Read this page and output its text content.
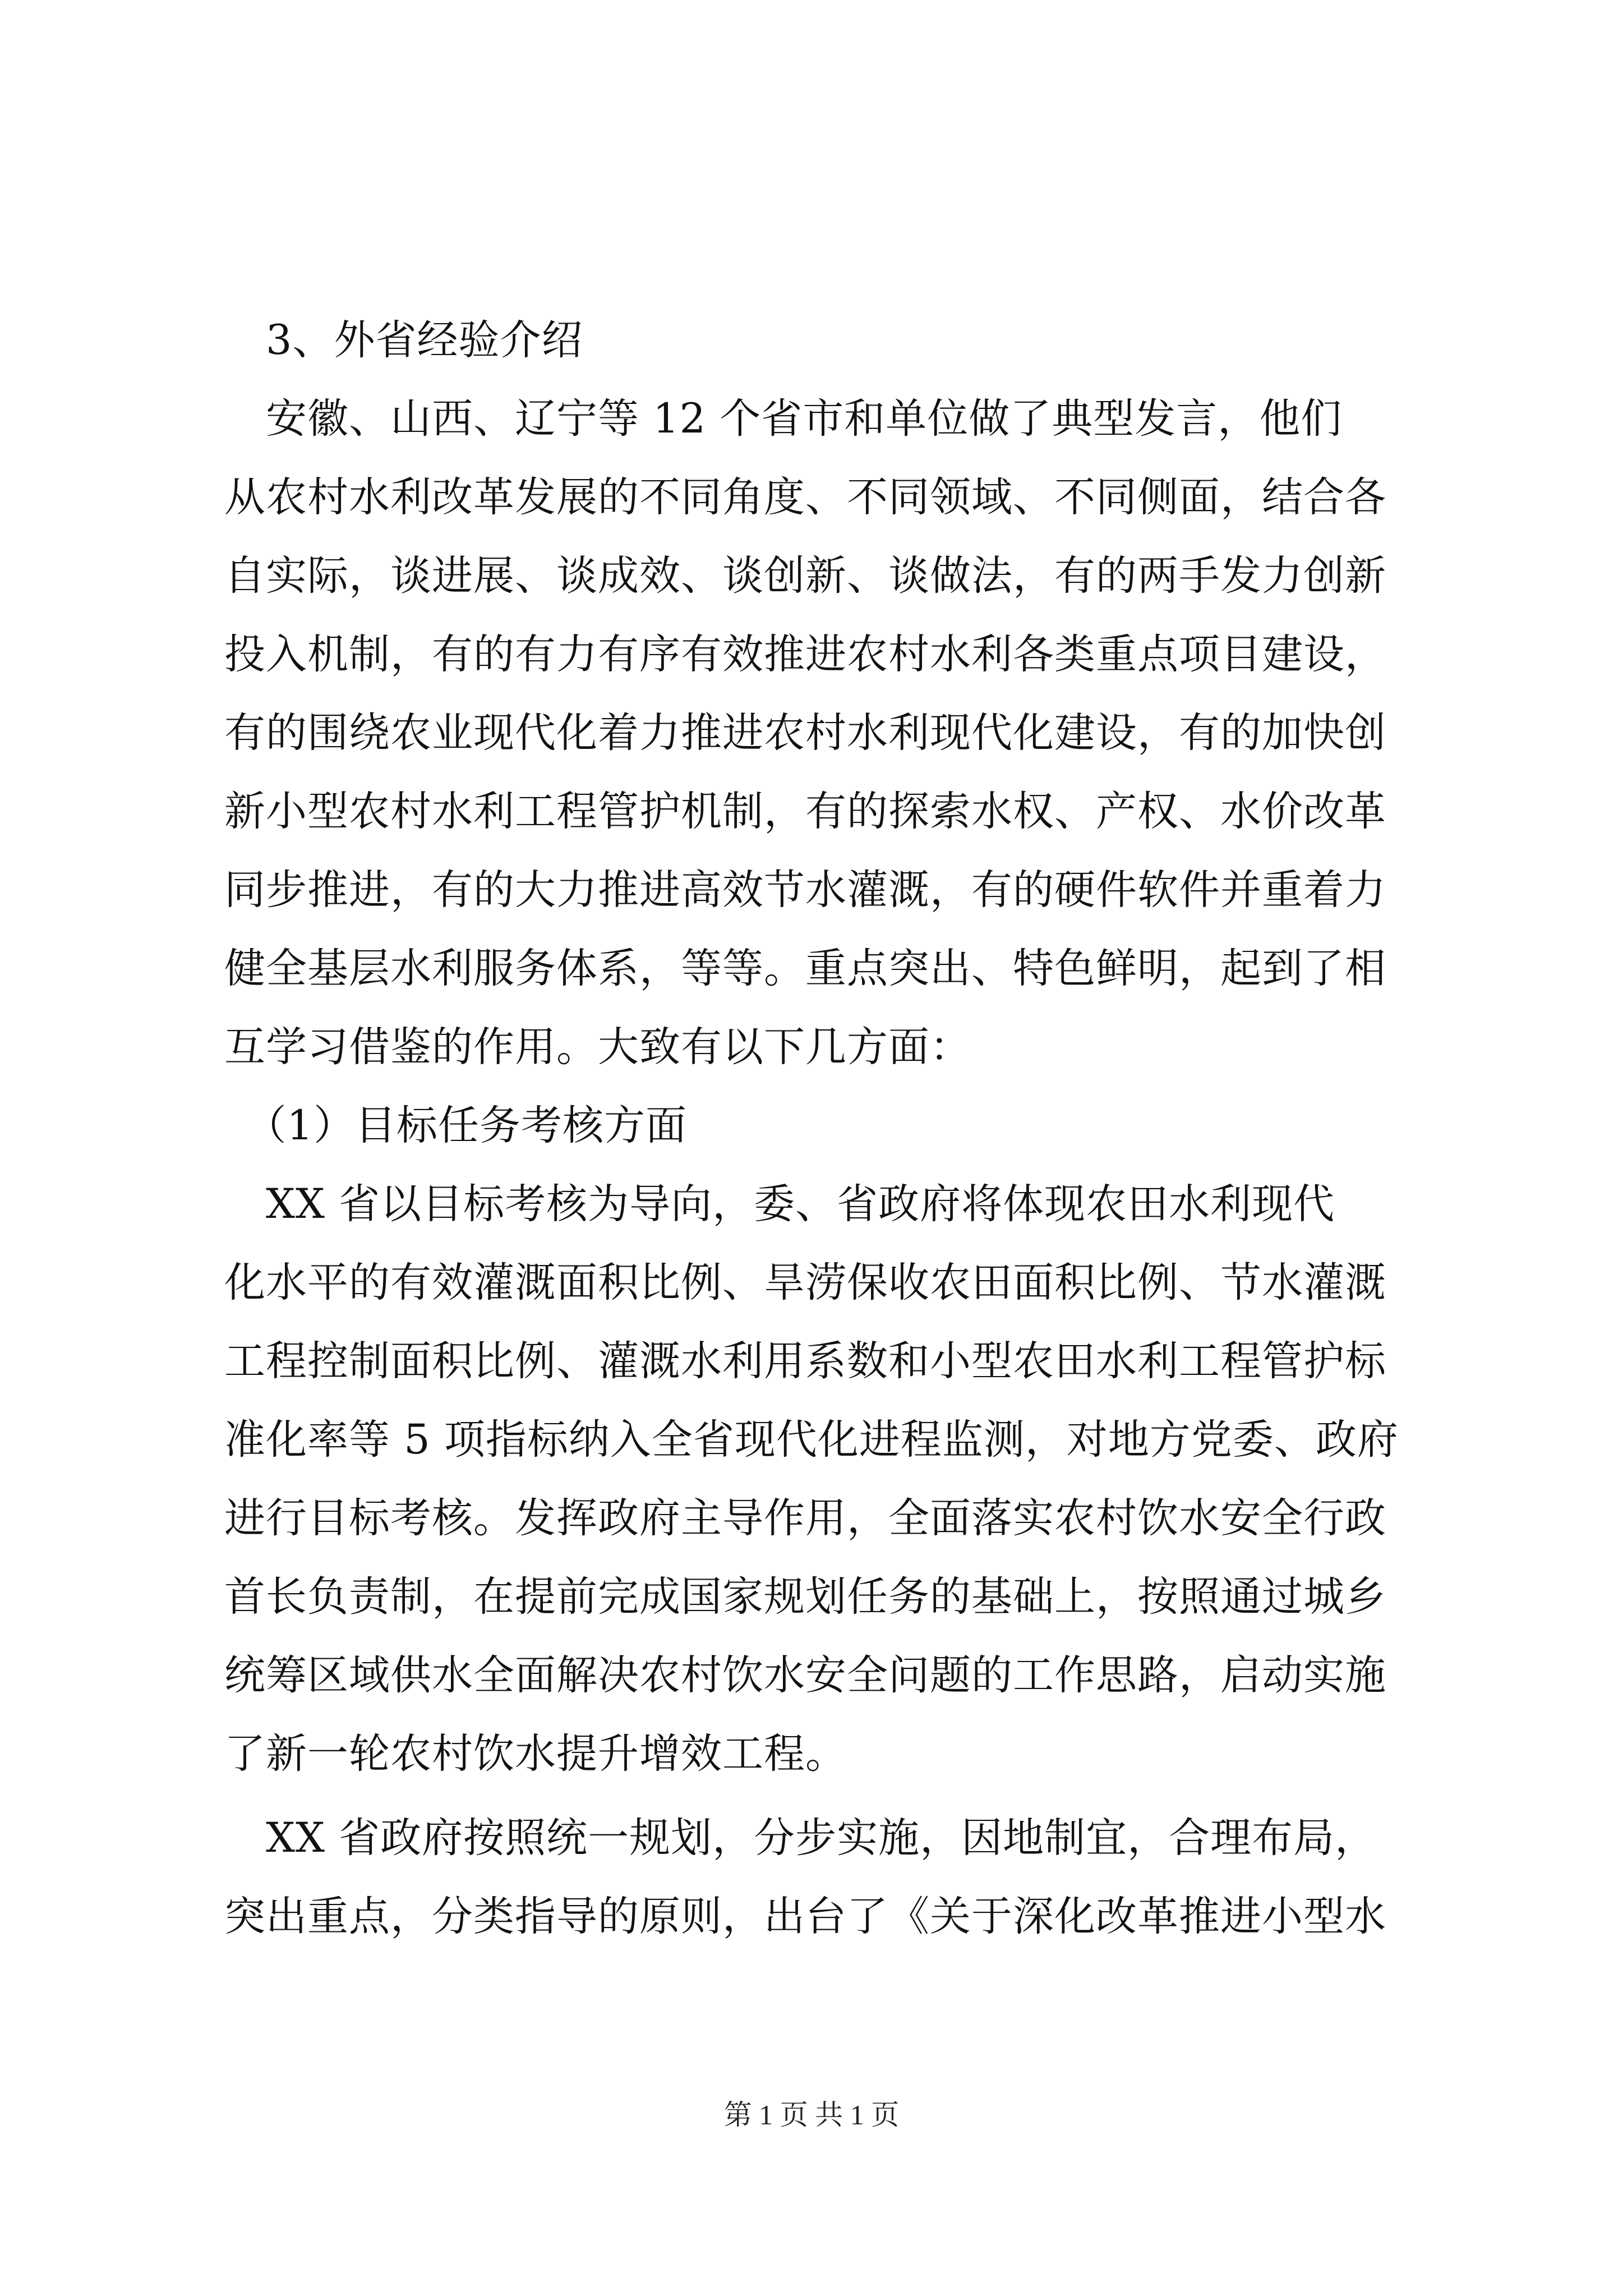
　3、外省经验介绍
　安徽、山西、辽宁等 12 个省市和单位做了典型发言，他们
从农村水利改革发展的不同角度、不同领域、不同侧面，结合各
自实际，谈进展、谈成效、谈创新、谈做法，有的两手发力创新
投入机制，有的有力有序有效推进农村水利各类重点项目建设，
有的围绕农业现代化着力推进农村水利现代化建设，有的加快创
新小型农村水利工程管护机制，有的探索水权、产权、水价改革
同步推进，有的大力推进高效节水灌溉，有的硬件软件并重着力
健全基层水利服务体系，等等。重点突出、特色鲜明，起到了相
互学习借鉴的作用。大致有以下几方面：
　（1）目标任务考核方面
　XX 省以目标考核为导向，委、省政府将体现农田水利现代
化水平的有效灌溉面积比例、旱涝保收农田面积比例、节水灌溉
工程控制面积比例、灌溉水利用系数和小型农田水利工程管护标
准化率等 5 项指标纳入全省现代化进程监测，对地方党委、政府
进行目标考核。发挥政府主导作用，全面落实农村饮水安全行政
首长负责制，在提前完成国家规划任务的基础上，按照通过城乡
统筹区域供水全面解决农村饮水安全问题的工作思路，启动实施
了新一轮农村饮水提升增效工程。
　XX 省政府按照统一规划，分步实施，因地制宜，合理布局，
突出重点，分类指导的原则，出台了《关于深化改革推进小型水
第 1 页 共 1 页
